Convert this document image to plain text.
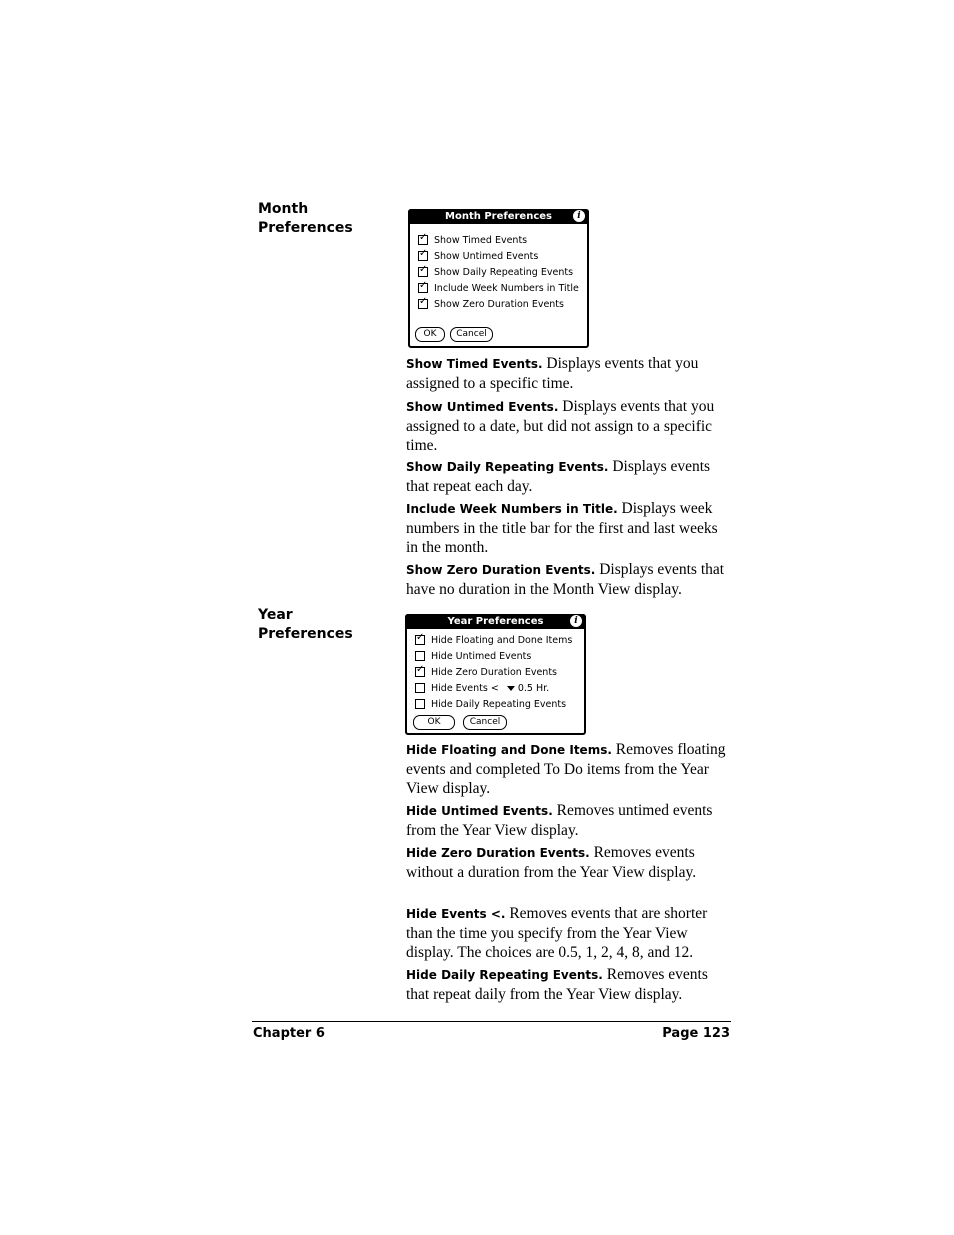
Month
Preferences
Month Preferences	i
✓ Show Timed Events
✓ Show Untimed Events
✓ Show Daily Repeating Events
✓ Include Week Numbers in Title
✓ Show Zero Duration Events
OK	Cancel
Show Timed Events. Displays events that you assigned to a specific time.
Show Untimed Events. Displays events that you assigned to a date, but did not assign to a specific time.
Show Daily Repeating Events. Displays events that repeat each day.
Include Week Numbers in Title. Displays week numbers in the title bar for the first and last weeks in the month.
Show Zero Duration Events. Displays events that have no duration in the Month View display.
Year
Preferences
Year Preferences	i
✓ Hide Floating and Done Items
Hide Untimed Events
✓ Hide Zero Duration Events
Hide Events < 0.5 Hr.
Hide Daily Repeating Events
OK	Cancel
Hide Floating and Done Items. Removes floating events and completed To Do items from the Year View display.
Hide Untimed Events. Removes untimed events from the Year View display.
Hide Zero Duration Events. Removes events without a duration from the Year View display.
Hide Events <. Removes events that are shorter than the time you specify from the Year View display. The choices are 0.5, 1, 2, 4, 8, and 12.
Hide Daily Repeating Events. Removes events that repeat daily from the Year View display.
Chapter 6	Page 123
